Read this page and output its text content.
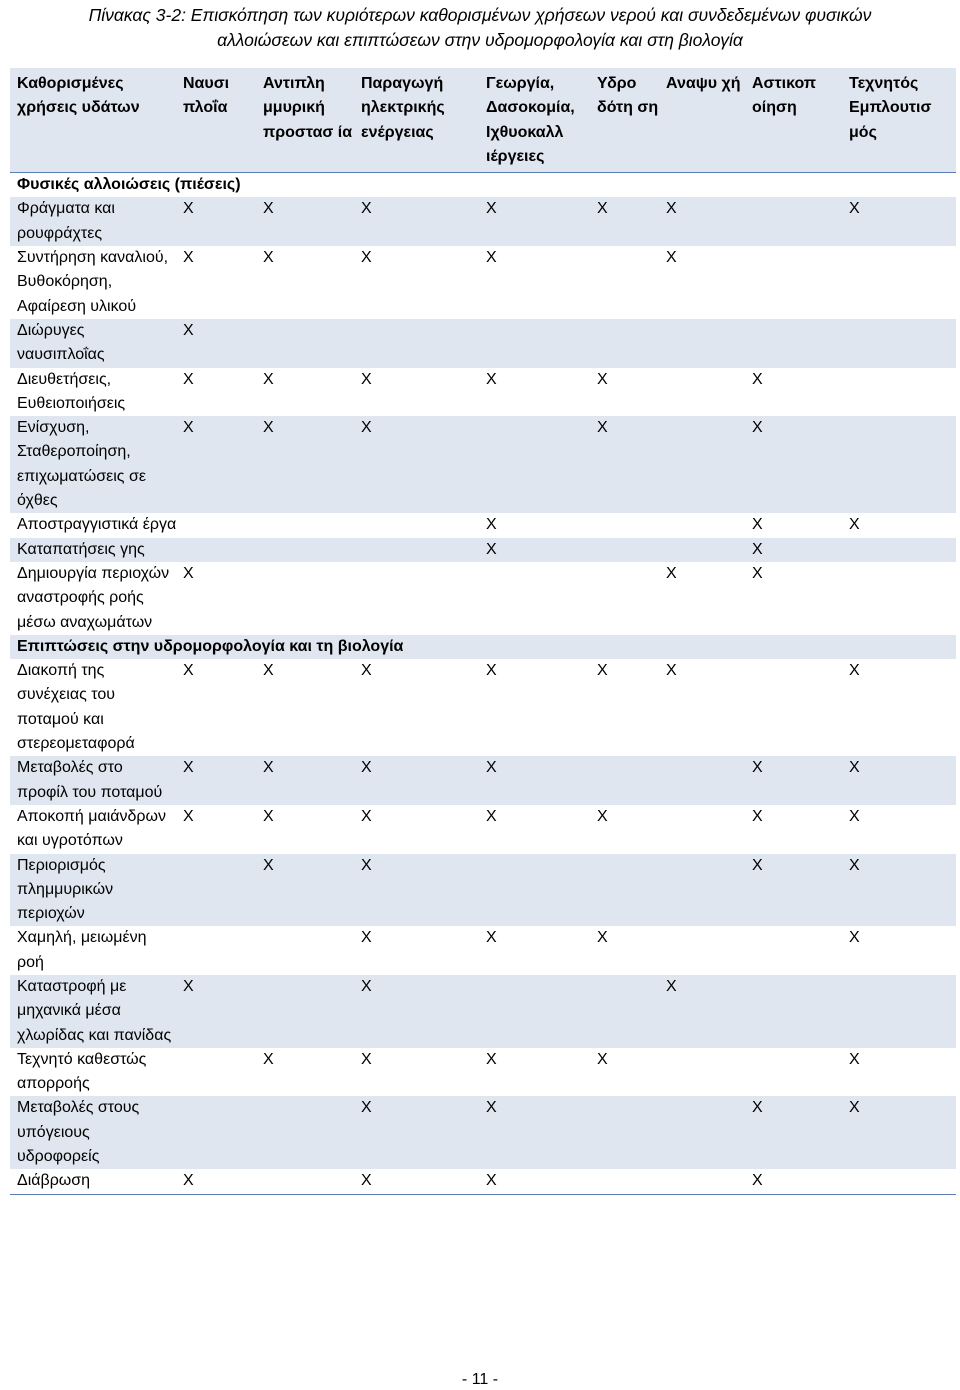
Πίνακας 3-2: Επισκόπηση των κυριότερων καθορισμένων χρήσεων νερού και συνδεδεμένων φυσικών
αλλοιώσεων και επιπτώσεων στην υδρομορφολογία και στη βιολογία
Καθορισμένες χρήσεις υδάτων	Ναυσι πλοΐα	Αντιπλη μμυρική προστασ ία	Παραγωγή ηλεκτρικής ενέργειας	Γεωργία, Δασοκομία, Ιχθυοκαλλ ιέργειες	Υδρο δότη ση	Αναψυ χή	Αστικοπ οίηση	Τεχνητός Εμπλουτισ μός
Φυσικές αλλοιώσεις (πιέσεις)								
Φράγματα και ρουφράχτες	X	X	X	X	X	X		X
Συντήρηση καναλιού, Βυθοκόρηση, Αφαίρεση υλικού	X	X	X	X		X		
Διώρυγες ναυσιπλοΐας	X							
Διευθετήσεις, Ευθειοποιήσεις	X	X	X	X	X		X	
Ενίσχυση, Σταθεροποίηση, επιχωματώσεις σε όχθες	X	X	X		X		X	
Αποστραγγιστικά έργα				X			X	X
Καταπατήσεις γης				X			X	
Δημιουργία περιοχών αναστροφής ροής μέσω αναχωμάτων	X					X	X	
Επιπτώσεις στην υδρομορφολογία και τη βιολογία								
Διακοπή της συνέχειας του ποταμού και στερεομεταφορά	X	X	X	X	X	X		X
Μεταβολές στο προφίλ του ποταμού	X	X	X	X			X	X
Αποκοπή μαιάνδρων και υγροτόπων	X	X	X	X	X		X	X
Περιορισμός πλημμυρικών περιοχών		X	X				X	X
Χαμηλή, μειωμένη ροή			X	X	X			X
Καταστροφή με μηχανικά μέσα χλωρίδας και πανίδας	X		X			X		
Τεχνητό καθεστώς απορροής		X	X	X	X			X
Μεταβολές στους υπόγειους υδροφορείς			X	X			X	X
Διάβρωση	X		X	X			X	
- 11 -
